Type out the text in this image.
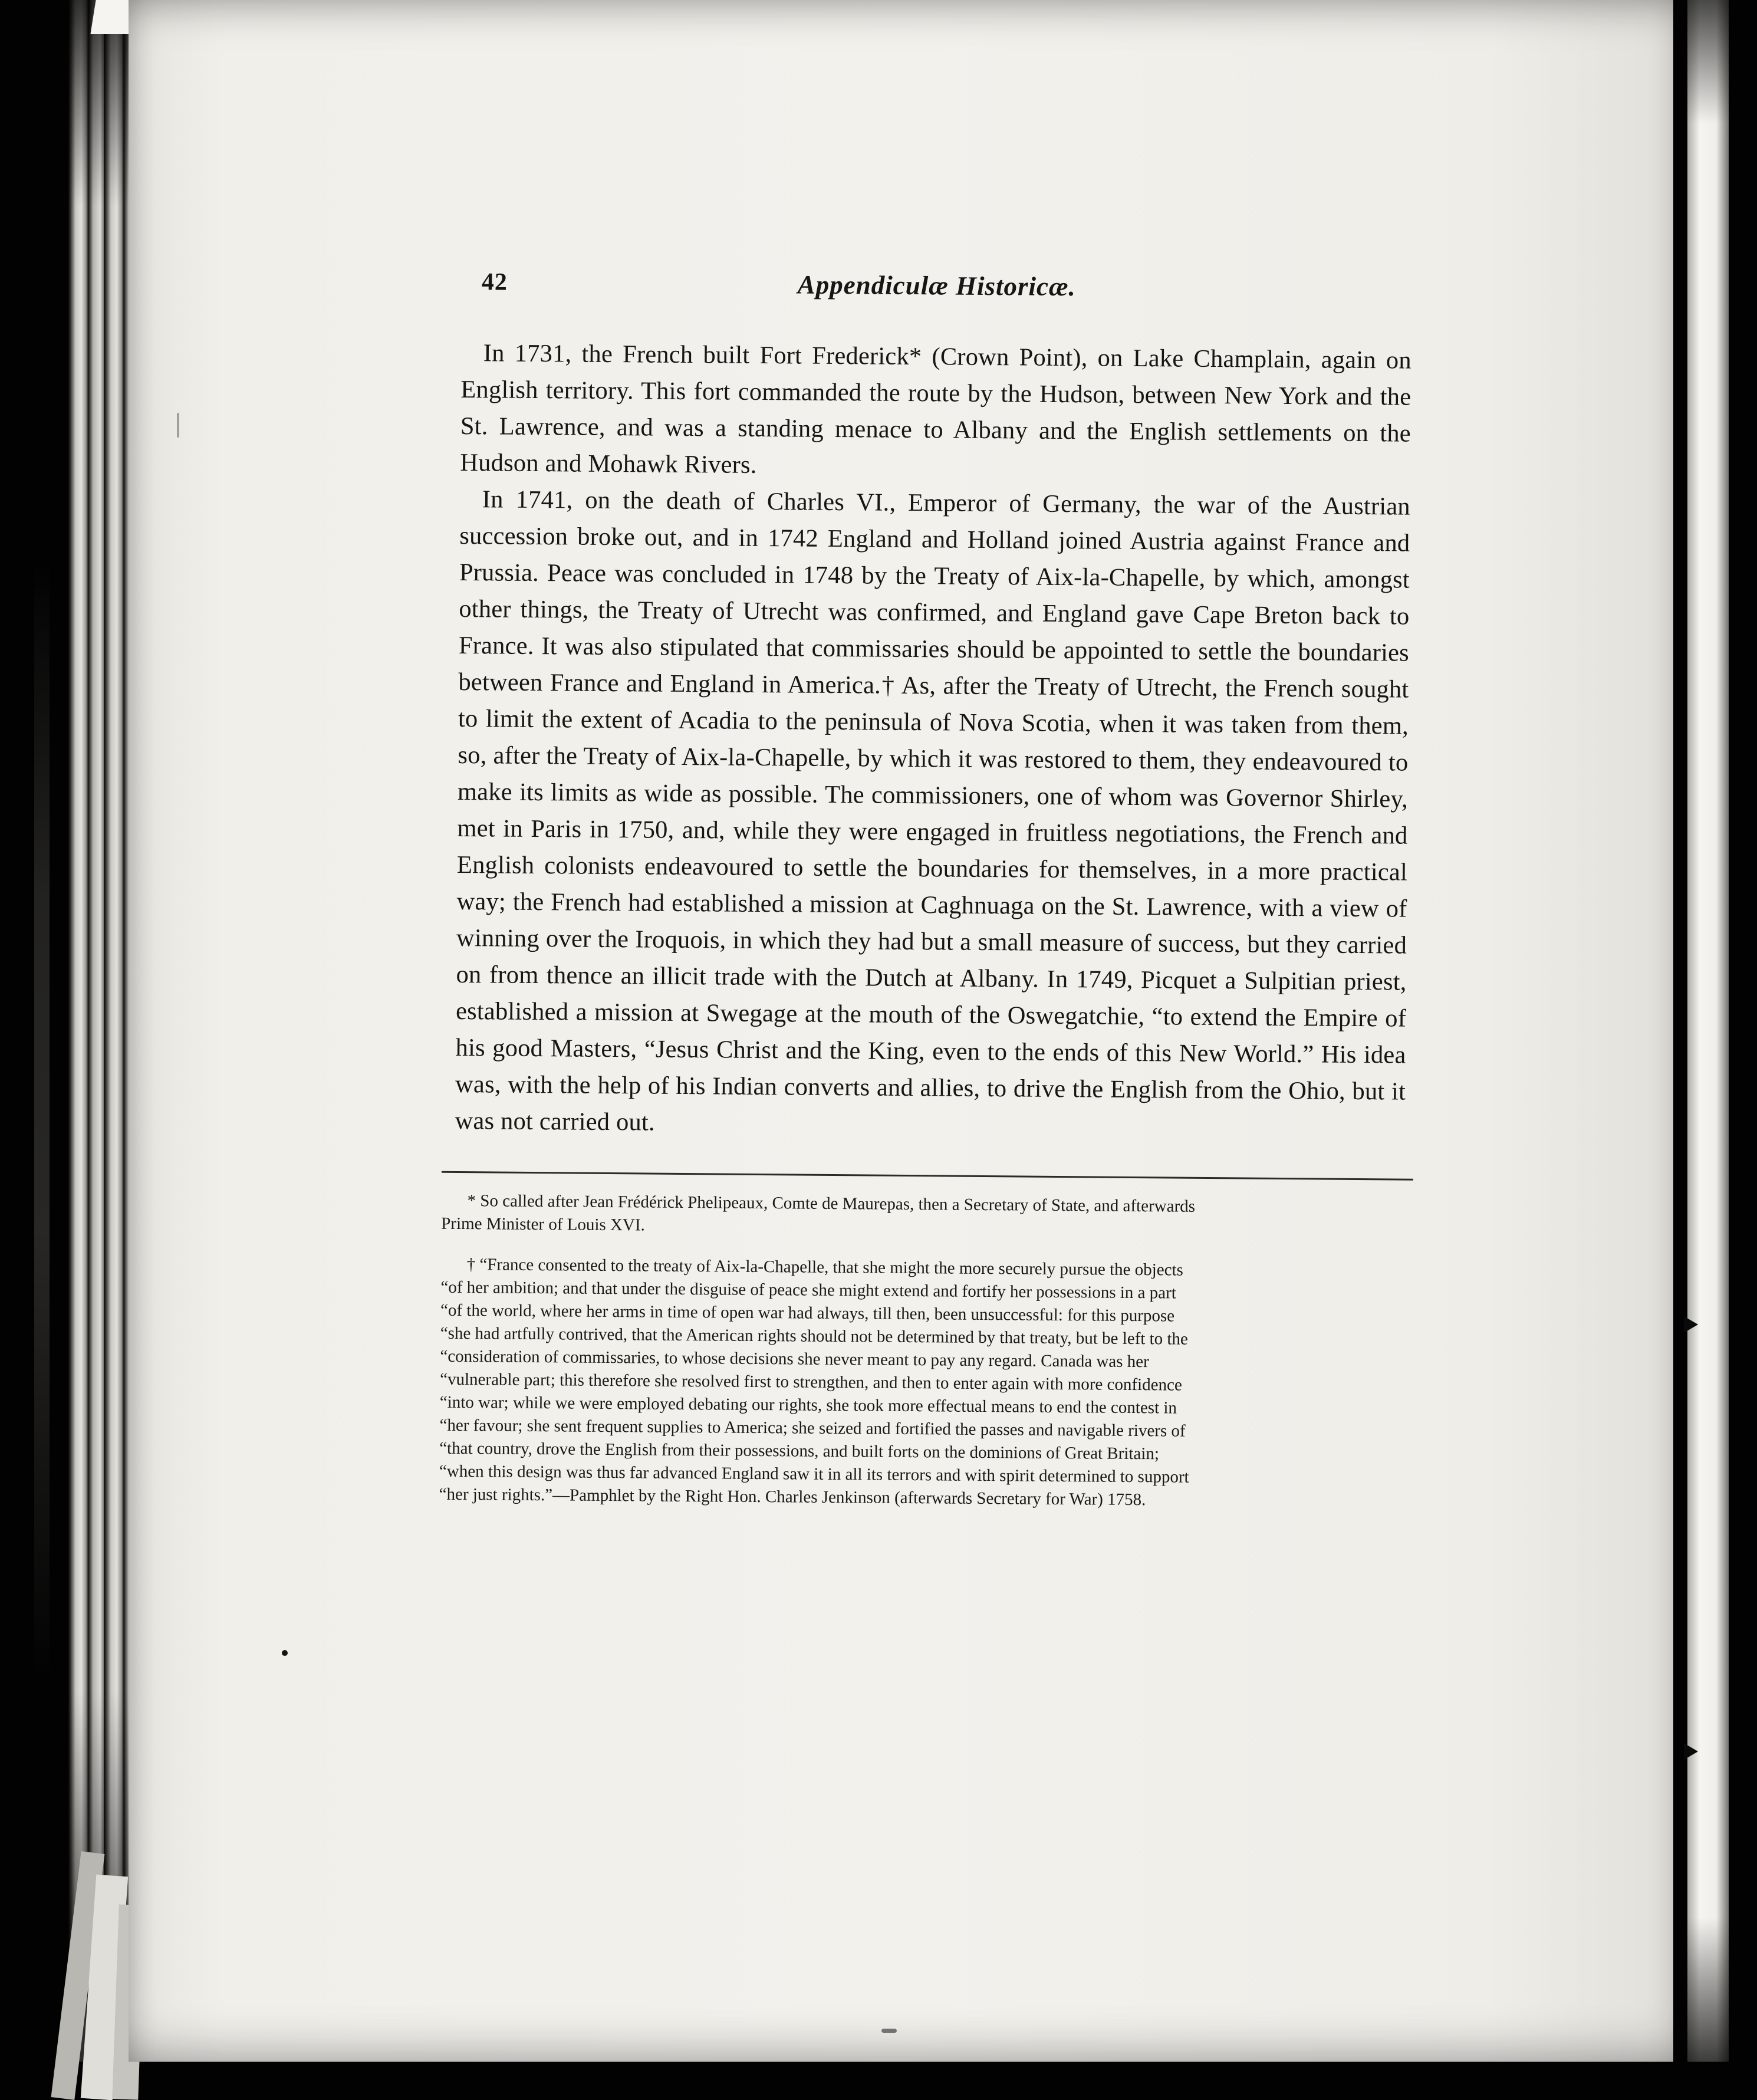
42	Appendiculæ Historicæ.

In 1731, the French built Fort Frederick* (Crown Point), on Lake Champlain, again on English territory. This fort commanded the route by the Hudson, between New York and the St. Lawrence, and was a standing menace to Albany and the English settlements on the Hudson and Mohawk Rivers.

In 1741, on the death of Charles VI., Emperor of Germany, the war of the Austrian succession broke out, and in 1742 England and Holland joined Austria against France and Prussia. Peace was concluded in 1748 by the Treaty of Aix-la-Chapelle, by which, amongst other things, the Treaty of Utrecht was confirmed, and England gave Cape Breton back to France. It was also stipulated that commissaries should be appointed to settle the boundaries between France and England in America.† As, after the Treaty of Utrecht, the French sought to limit the extent of Acadia to the peninsula of Nova Scotia, when it was taken from them, so, after the Treaty of Aix-la-Chapelle, by which it was restored to them, they endeavoured to make its limits as wide as possible. The commissioners, one of whom was Governor Shirley, met in Paris in 1750, and, while they were engaged in fruitless negotiations, the French and English colonists endeavoured to settle the boundaries for themselves, in a more practical way; the French had established a mission at Caghnuaga on the St. Lawrence, with a view of winning over the Iroquois, in which they had but a small measure of success, but they carried on from thence an illicit trade with the Dutch at Albany. In 1749, Picquet a Sulpitian priest, established a mission at Swegage at the mouth of the Oswegatchie, “to extend the Empire of his good Masters, “Jesus Christ and the King, even to the ends of this New World.” His idea was, with the help of his Indian converts and allies, to drive the English from the Ohio, but it was not carried out.

* So called after Jean Frédérick Phelipeaux, Comte de Maurepas, then a Secretary of State, and afterwards
Prime Minister of Louis XVI.
† “France consented to the treaty of Aix-la-Chapelle, that she might the more securely pursue the objects
“of her ambition; and that under the disguise of peace she might extend and fortify her possessions in a part
“of the world, where her arms in time of open war had always, till then, been unsuccessful: for this purpose
“she had artfully contrived, that the American rights should not be determined by that treaty, but be left to the
“consideration of commissaries, to whose decisions she never meant to pay any regard. Canada was her
“vulnerable part; this therefore she resolved first to strengthen, and then to enter again with more confidence
“into war; while we were employed debating our rights, she took more effectual means to end the contest in
“her favour; she sent frequent supplies to America; she seized and fortified the passes and navigable rivers of
“that country, drove the English from their possessions, and built forts on the dominions of Great Britain;
“when this design was thus far advanced England saw it in all its terrors and with spirit determined to support
“her just rights.”—Pamphlet by the Right Hon. Charles Jenkinson (afterwards Secretary for War) 1758.
